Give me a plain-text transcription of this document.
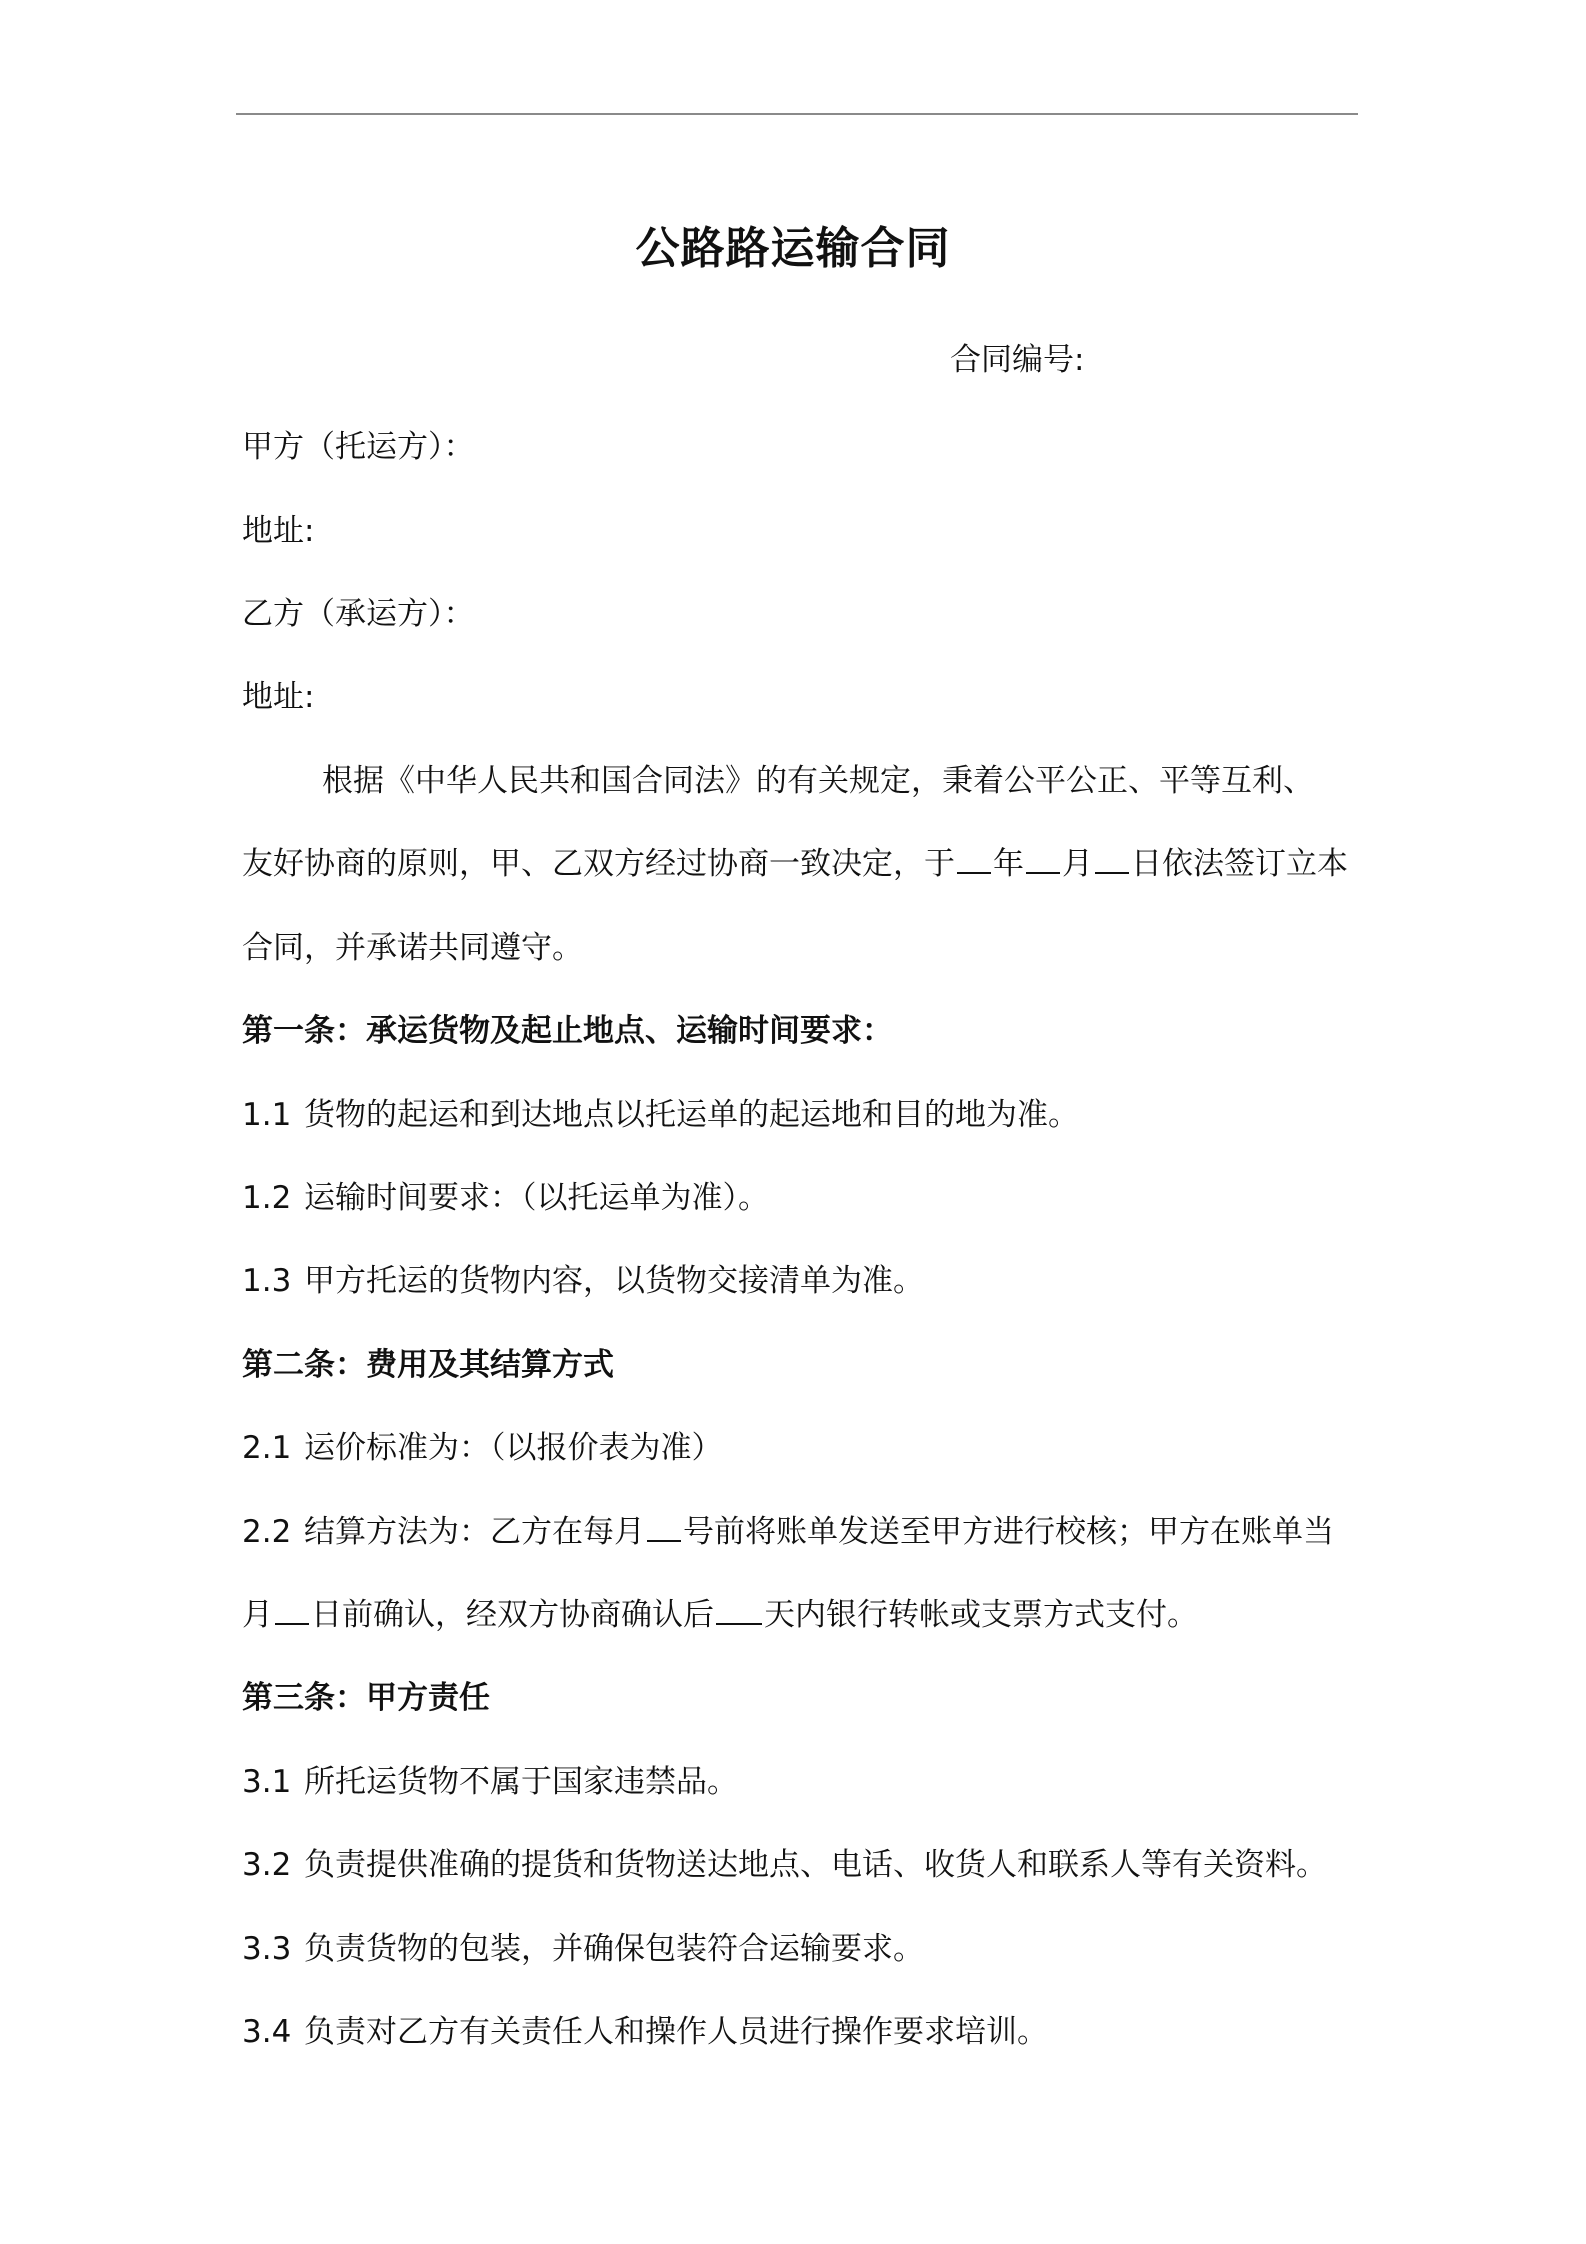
公路路运输合同
合同编号:
甲方（托运方）：
地址:
乙方（承运方）：
地址:
根据《中华人民共和国合同法》的有关规定，秉着公平公正、平等互利、
友好协商的原则，甲、乙双方经过协商一致决定，于 年 月 日依法签订立本
合同，并承诺共同遵守。
第一条：承运货物及起止地点、运输时间要求：
1.1 货物的起运和到达地点以托运单的起运地和目的地为准。
1.2 运输时间要求：（以托运单为准）。
1.3 甲方托运的货物内容，以货物交接清单为准。
第二条：费用及其结算方式
2.1 运价标准为：（以报价表为准）
2.2 结算方法为：乙方在每月 号前将账单发送至甲方进行校核；甲方在账单当
月 日前确认，经双方协商确认后 天内银行转帐或支票方式支付。
第三条：甲方责任
3.1 所托运货物不属于国家违禁品。
3.2 负责提供准确的提货和货物送达地点、电话、收货人和联系人等有关资料。
3.3 负责货物的包装，并确保包装符合运输要求。
3.4 负责对乙方有关责任人和操作人员进行操作要求培训。
